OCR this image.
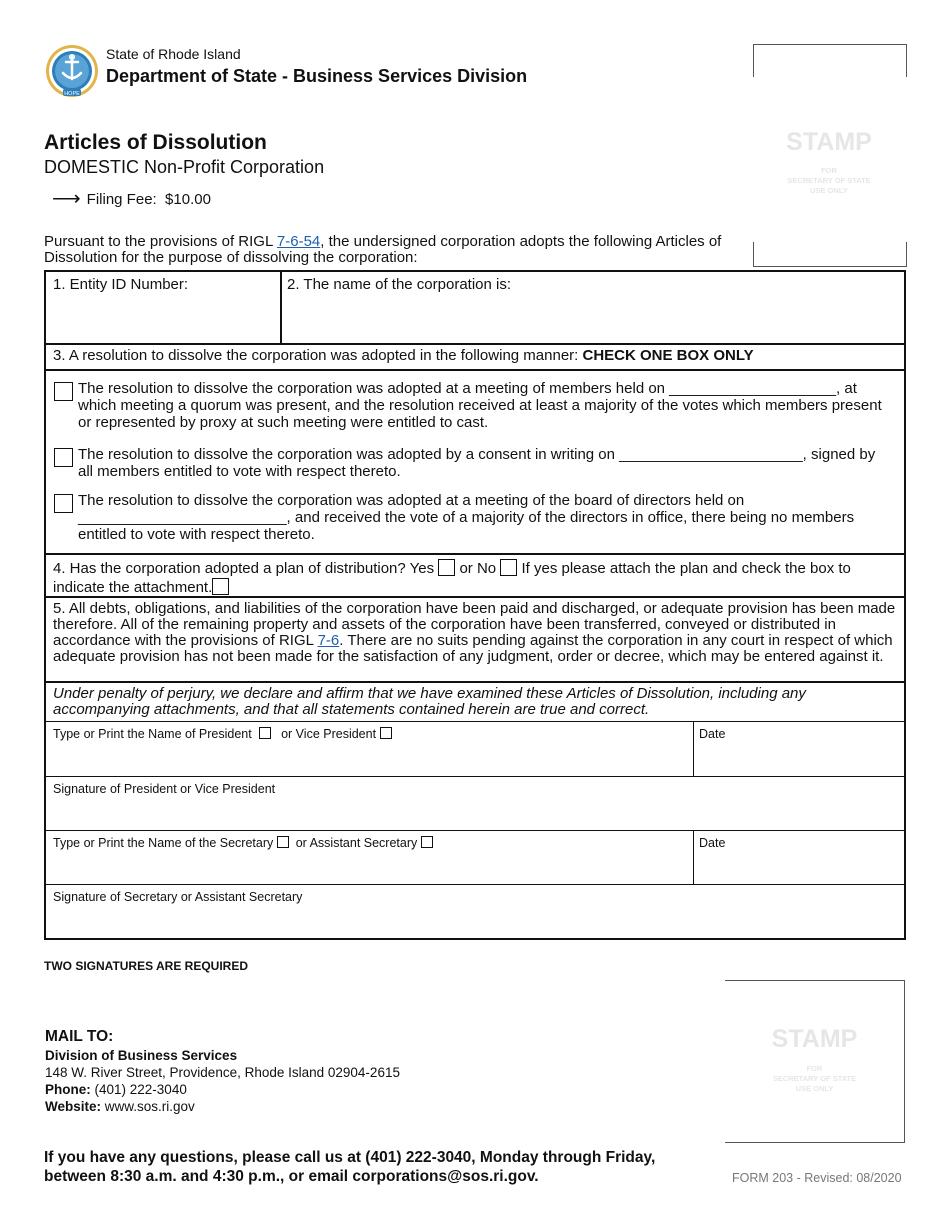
HOPE
State of Rhode Island
Department of State - Business Services Division
STAMP
FOR
SECRETARY OF STATE
USE ONLY
Articles of Dissolution
DOMESTIC Non-Profit Corporation
⟶ Filing Fee: $10.00
Pursuant to the provisions of RIGL 7-6-54, the undersigned corporation adopts the following Articles of Dissolution for the purpose of dissolving the corporation:
1. Entity ID Number:	2. The name of the corporation is:
3. A resolution to dissolve the corporation was adopted in the following manner: CHECK ONE BOX ONLY
The resolution to dissolve the corporation was adopted at a meeting of members held on ____________________, at which meeting a quorum was present, and the resolution received at least a majority of the votes which members present or represented by proxy at such meeting were entitled to cast.
The resolution to dissolve the corporation was adopted by a consent in writing on ______________________, signed by all members entitled to vote with respect thereto.
The resolution to dissolve the corporation was adopted at a meeting of the board of directors held on _________________________, and received the vote of a majority of the directors in office, there being no members entitled to vote with respect thereto.
4. Has the corporation adopted a plan of distribution? Yes or No If yes please attach the plan and check the box to indicate the attachment.
5. All debts, obligations, and liabilities of the corporation have been paid and discharged, or adequate provision has been made therefore. All of the remaining property and assets of the corporation have been transferred, conveyed or distributed in accordance with the provisions of RIGL 7-6. There are no suits pending against the corporation in any court in respect of which adequate provision has not been made for the satisfaction of any judgment, order or decree, which may be entered against it.
Under penalty of perjury, we declare and affirm that we have examined these Articles of Dissolution, including any accompanying attachments, and that all statements contained herein are true and correct.
Type or Print the Name of President or Vice President	Date
Signature of President or Vice President
Type or Print the Name of the Secretary or Assistant Secretary	Date
Signature of Secretary or Assistant Secretary
TWO SIGNATURES ARE REQUIRED
STAMP
FOR
SECRETARY OF STATE
USE ONLY
MAIL TO:
Division of Business Services
148 W. River Street, Providence, Rhode Island 02904-2615
Phone: (401) 222-3040
Website: www.sos.ri.gov
If you have any questions, please call us at (401) 222-3040, Monday through Friday,
between 8:30 a.m. and 4:30 p.m., or email corporations@sos.ri.gov.	FORM 203 - Revised: 08/2020
